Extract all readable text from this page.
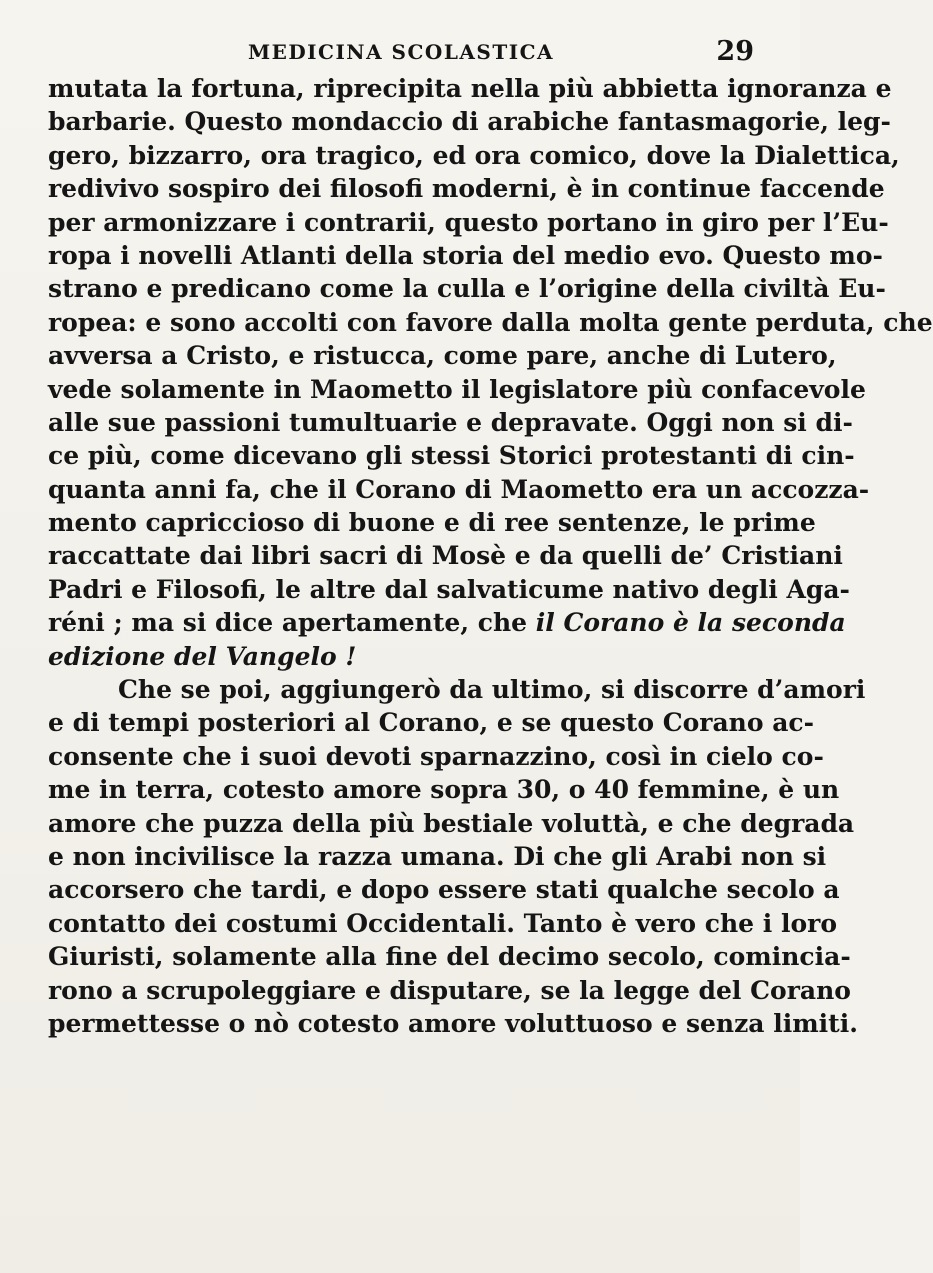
MEDICINA SCOLASTICA	29
mutata la fortuna, riprecipita nella più abbietta ignoranza e
barbarie. Questo mondaccio di arabiche fantasmagorie, leg-
gero, bizzarro, ora tragico, ed ora comico, dove la Dialettica,
redivivo sospiro dei filosofi moderni, è in continue faccende
per armonizzare i contrarii, questo portano in giro per l’Eu-
ropa i novelli Atlanti della storia del medio evo. Questo mo-
strano e predicano come la culla e l’origine della civiltà Eu-
ropea: e sono accolti con favore dalla molta gente perduta, che
avversa a Cristo, e ristucca, come pare, anche di Lutero,
vede solamente in Maometto il legislatore più confacevole
alle sue passioni tumultuarie e depravate. Oggi non si di-
ce più, come dicevano gli stessi Storici protestanti di cin-
quanta anni fa, che il Corano di Maometto era un accozza-
mento capriccioso di buone e di ree sentenze, le prime
raccattate dai libri sacri di Mosè e da quelli de’ Cristiani
Padri e Filosofi, le altre dal salvaticume nativo degli Aga-
réni ; ma si dice apertamente, che il Corano è la seconda
edizione del Vangelo !
Che se poi, aggiungerò da ultimo, si discorre d’amori
e di tempi posteriori al Corano, e se questo Corano ac-
consente che i suoi devoti sparnazzino, così in cielo co-
me in terra, cotesto amore sopra 30, o 40 femmine, è un
amore che puzza della più bestiale voluttà, e che degrada
e non incivilisce la razza umana. Di che gli Arabi non si
accorsero che tardi, e dopo essere stati qualche secolo a
contatto dei costumi Occidentali. Tanto è vero che i loro
Giuristi, solamente alla fine del decimo secolo, comincia-
rono a scrupoleggiare e disputare, se la legge del Corano
permettesse o nò cotesto amore voluttuoso e senza limiti.
